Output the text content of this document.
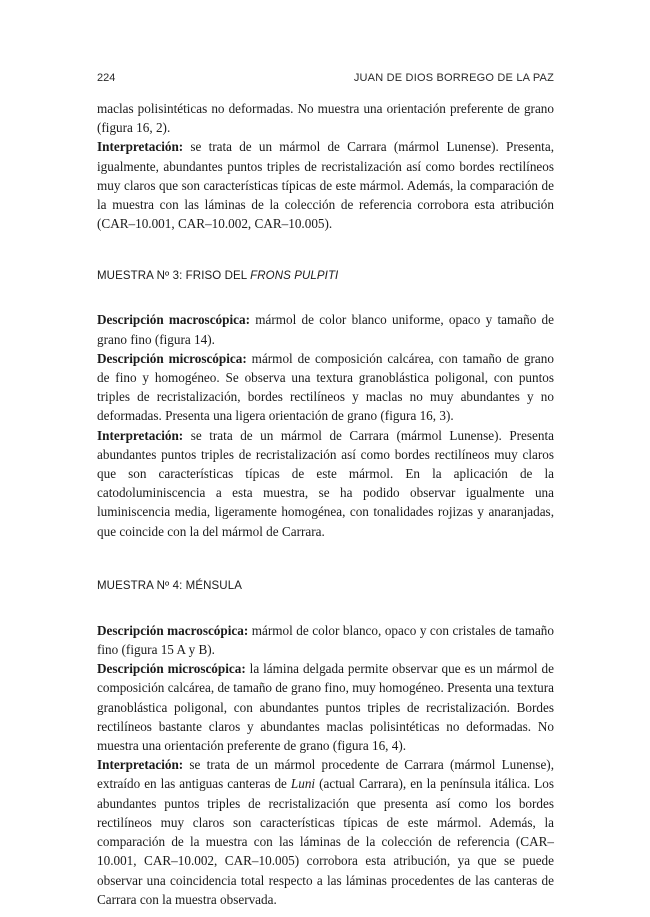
224	JUAN DE DIOS BORREGO DE LA PAZ

maclas polisintéticas no deformadas. No muestra una orientación preferente de grano (figura 16, 2).

Interpretación: se trata de un mármol de Carrara (mármol Lunense). Presenta, igualmente, abundantes puntos triples de recristalización así como bordes rectilíneos muy claros que son características típicas de este mármol. Además, la comparación de la muestra con las láminas de la colección de referencia corrobora esta atribución (CAR–10.001, CAR–10.002, CAR–10.005).

MUESTRA Nº 3: FRISO DEL FRONS PULPITI

Descripción macroscópica: mármol de color blanco uniforme, opaco y tamaño de grano fino (figura 14).

Descripción microscópica: mármol de composición calcárea, con tamaño de grano de fino y homogéneo. Se observa una textura granoblástica poligonal, con puntos triples de recristalización, bordes rectilíneos y maclas no muy abundantes y no deformadas. Presenta una ligera orientación de grano (figura 16, 3).

Interpretación: se trata de un mármol de Carrara (mármol Lunense). Presenta abundantes puntos triples de recristalización así como bordes rectilíneos muy claros que son características típicas de este mármol. En la aplicación de la catodoluminiscencia a esta muestra, se ha podido observar igualmente una luminiscencia media, ligeramente homogénea, con tonalidades rojizas y anaranjadas, que coincide con la del mármol de Carrara.

MUESTRA Nº 4: MÉNSULA

Descripción macroscópica: mármol de color blanco, opaco y con cristales de tamaño fino (figura 15 A y B).

Descripción microscópica: la lámina delgada permite observar que es un mármol de composición calcárea, de tamaño de grano fino, muy homogéneo. Presenta una textura granoblástica poligonal, con abundantes puntos triples de recristalización. Bordes rectilíneos bastante claros y abundantes maclas polisintéticas no deformadas. No muestra una orientación preferente de grano (figura 16, 4).

Interpretación: se trata de un mármol procedente de Carrara (mármol Lunense), extraído en las antiguas canteras de Luni (actual Carrara), en la península itálica. Los abundantes puntos triples de recristalización que presenta así como los bordes rectilíneos muy claros son características típicas de este mármol. Además, la comparación de la muestra con las láminas de la colección de referencia (CAR–10.001, CAR–10.002, CAR–10.005) corrobora esta atribución, ya que se puede observar una coincidencia total respecto a las láminas procedentes de las canteras de Carrara con la muestra observada.
